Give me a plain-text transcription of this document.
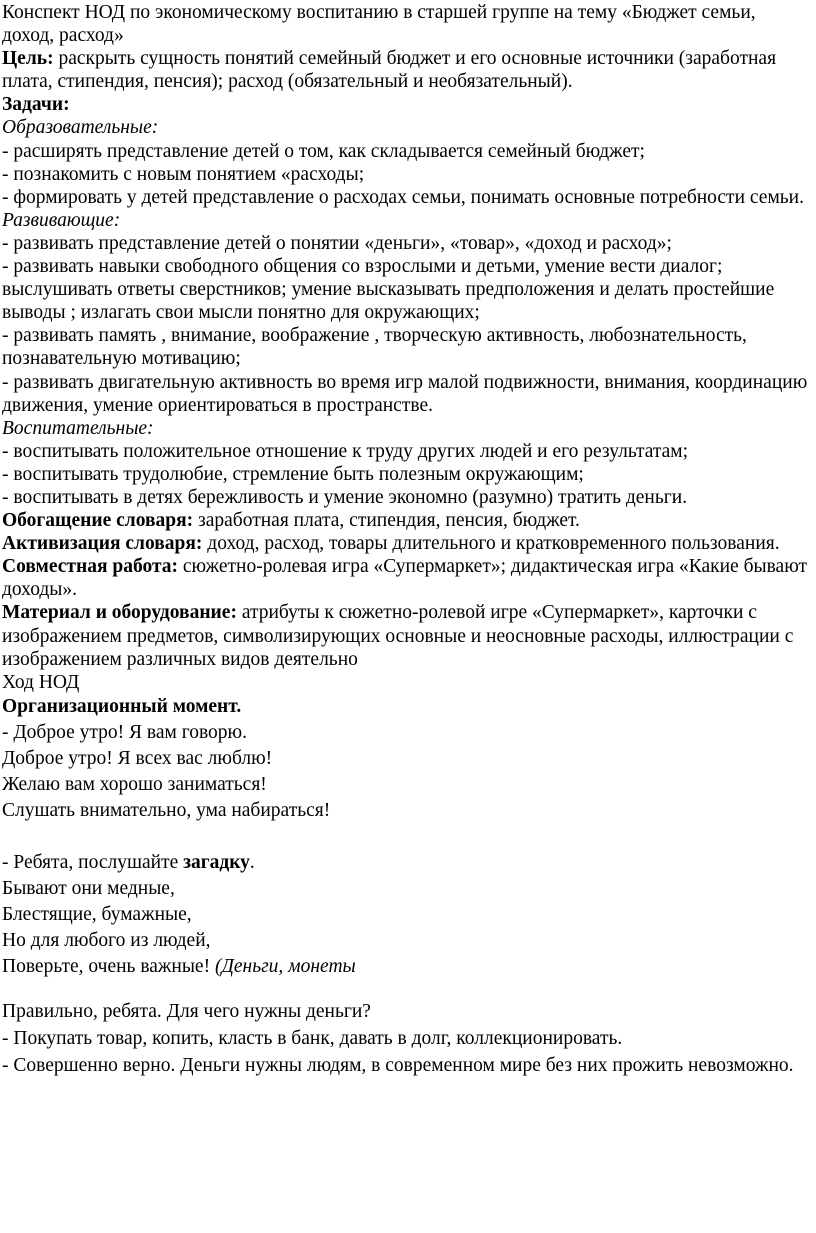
Конспект НОД по экономическому воспитанию в старшей группе на тему «Бюджет семьи, доход, расход»

Цель: раскрыть сущность понятий семейный бюджет и его основные источники (заработная плата, стипендия, пенсия); расход (обязательный и необязательный).

Задачи:

Образовательные:

- расширять представление детей о том, как складывается семейный бюджет;

- познакомить с новым понятием «расходы;

- формировать у детей представление о расходах семьи, понимать основные потребности семьи.

Развивающие:

- развивать представление детей о понятии «деньги», «товар», «доход и расход»;

- развивать навыки свободного общения со взрослыми и детьми, умение вести диалог; выслушивать ответы сверстников; умение высказывать предположения и делать простейшие выводы ; излагать свои мысли понятно для окружающих;

- развивать память , внимание, воображение , творческую активность, любознательность, познавательную мотивацию;

- развивать двигательную активность во время игр малой подвижности, внимания, координацию движения, умение ориентироваться в пространстве.

Воспитательные:

- воспитывать положительное отношение к труду других людей и его результатам;

- воспитывать трудолюбие, стремление быть полезным окружающим;

- воспитывать в детях бережливость и умение экономно (разумно) тратить деньги.

Обогащение словаря: заработная плата, стипендия, пенсия, бюджет.

Активизация словаря: доход, расход, товары длительного и кратковременного пользования.

Совместная работа: сюжетно-ролевая игра «Супермаркет»; дидактическая игра «Какие бывают доходы».

Материал и оборудование: атрибуты к сюжетно-ролевой игре «Супермаркет», карточки с изображением предметов, символизирующих основные и неосновные расходы, иллюстрации с изображением различных видов деятельно

Ход НОД

Организационный момент.

- Доброе утро! Я вам говорю.

Доброе утро! Я всех вас люблю!

Желаю вам хорошо заниматься!

Слушать внимательно, ума набираться!

- Ребята, послушайте загадку.

Бывают они медные,

Блестящие, бумажные,

Но для любого из людей,

Поверьте, очень важные! (Деньги, монеты

Правильно, ребята. Для чего нужны деньги?

- Покупать товар, копить, класть в банк, давать в долг, коллекционировать.

- Совершенно верно. Деньги нужны людям, в современном мире без них прожить невозможно.
